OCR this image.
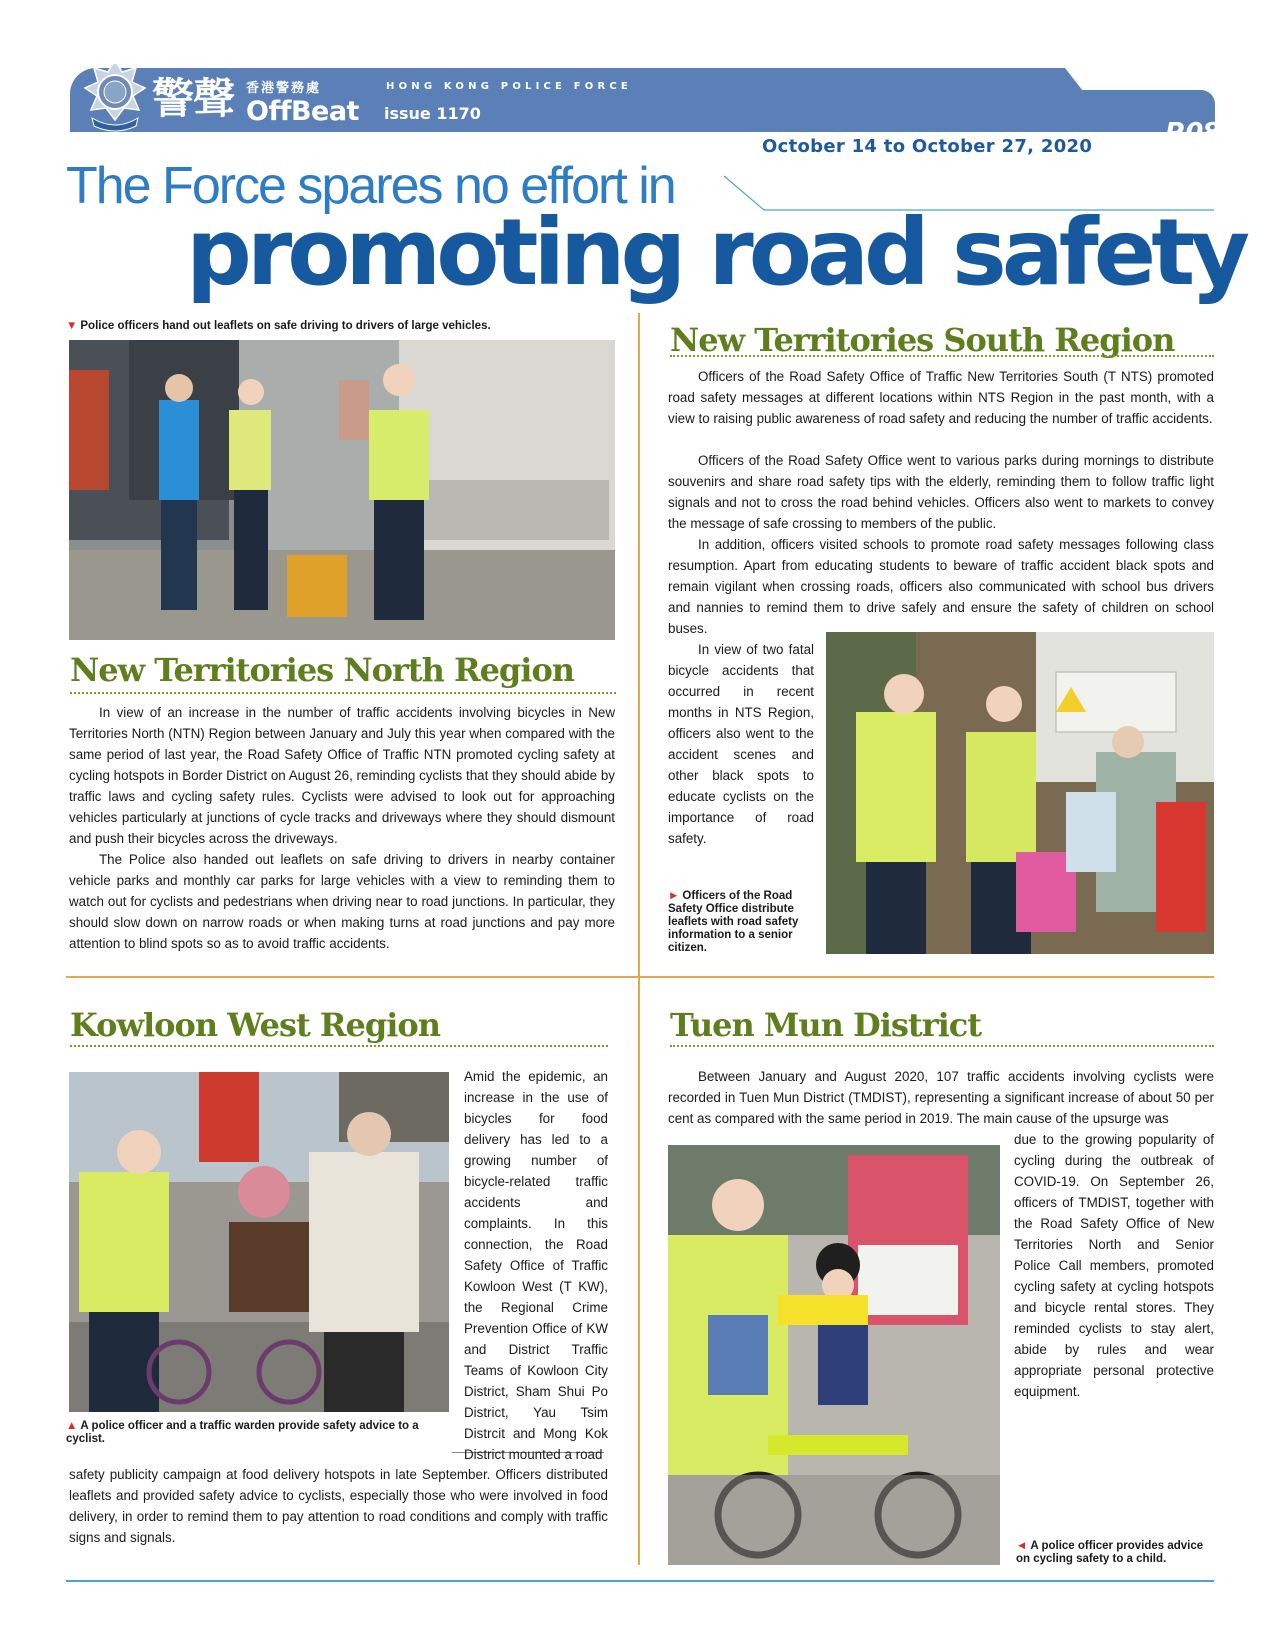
警聲 香港警務處
OffBeat issue 1170
HONG KONG POLICE FORCE
P.08
October 14 to October 27, 2020
The Force spares no effort in
promoting road safety
▼ Police officers hand out leaflets on safe driving to drivers of large vehicles.
New Territories North Region
In view of an increase in the number of traffic accidents involving bicycles in New Territories North (NTN) Region between January and July this year when compared with the same period of last year, the Road Safety Office of Traffic NTN promoted cycling safety at cycling hotspots in Border District on August 26, reminding cyclists that they should abide by traffic laws and cycling safety rules. Cyclists were advised to look out for approaching vehicles particularly at junctions of cycle tracks and driveways where they should dismount and push their bicycles across the driveways.
The Police also handed out leaflets on safe driving to drivers in nearby container vehicle parks and monthly car parks for large vehicles with a view to reminding them to watch out for cyclists and pedestrians when driving near to road junctions. In particular, they should slow down on narrow roads or when making turns at road junctions and pay more attention to blind spots so as to avoid traffic accidents.
New Territories South Region
Officers of the Road Safety Office of Traffic New Territories South (T NTS) promoted road safety messages at different locations within NTS Region in the past month, with a view to raising public awareness of road safety and reducing the number of traffic accidents.
Officers of the Road Safety Office went to various parks during mornings to distribute souvenirs and share road safety tips with the elderly, reminding them to follow traffic light signals and not to cross the road behind vehicles. Officers also went to markets to convey the message of safe crossing to members of the public.
In addition, officers visited schools to promote road safety messages following class resumption. Apart from educating students to beware of traffic accident black spots and remain vigilant when crossing roads, officers also communicated with school bus drivers and nannies to remind them to drive safely and ensure the safety of children on school buses.
In view of two fatal bicycle accidents that occurred in recent months in NTS Region, officers also went to the accident scenes and other black spots to educate cyclists on the importance of road safety.
► Officers of the Road Safety Office distribute leaflets with road safety information to a senior citizen.
Kowloon West Region
▲ A police officer and a traffic warden provide safety advice to a cyclist.
Amid the epidemic, an increase in the use of bicycles for food delivery has led to a growing number of bicycle-related traffic accidents and complaints. In this connection, the Road Safety Office of Traffic Kowloon West (T KW), the Regional Crime Prevention Office of KW and District Traffic Teams of Kowloon City District, Sham Shui Po District, Yau Tsim Distrcit and Mong Kok District mounted a road
safety publicity campaign at food delivery hotspots in late September. Officers distributed leaflets and provided safety advice to cyclists, especially those who were involved in food delivery, in order to remind them to pay attention to road conditions and comply with traffic signs and signals.
Tuen Mun District
Between January and August 2020, 107 traffic accidents involving cyclists were recorded in Tuen Mun District (TMDIST), representing a significant increase of about 50 per cent as compared with the same period in 2019. The main cause of the upsurge was
due to the growing popularity of cycling during the outbreak of COVID-19. On September 26, officers of TMDIST, together with the Road Safety Office of New Territories North and Senior Police Call members, promoted cycling safety at cycling hotspots and bicycle rental stores. They reminded cyclists to stay alert, abide by rules and wear appropriate personal protective equipment.
◄ A police officer provides advice on cycling safety to a child.
